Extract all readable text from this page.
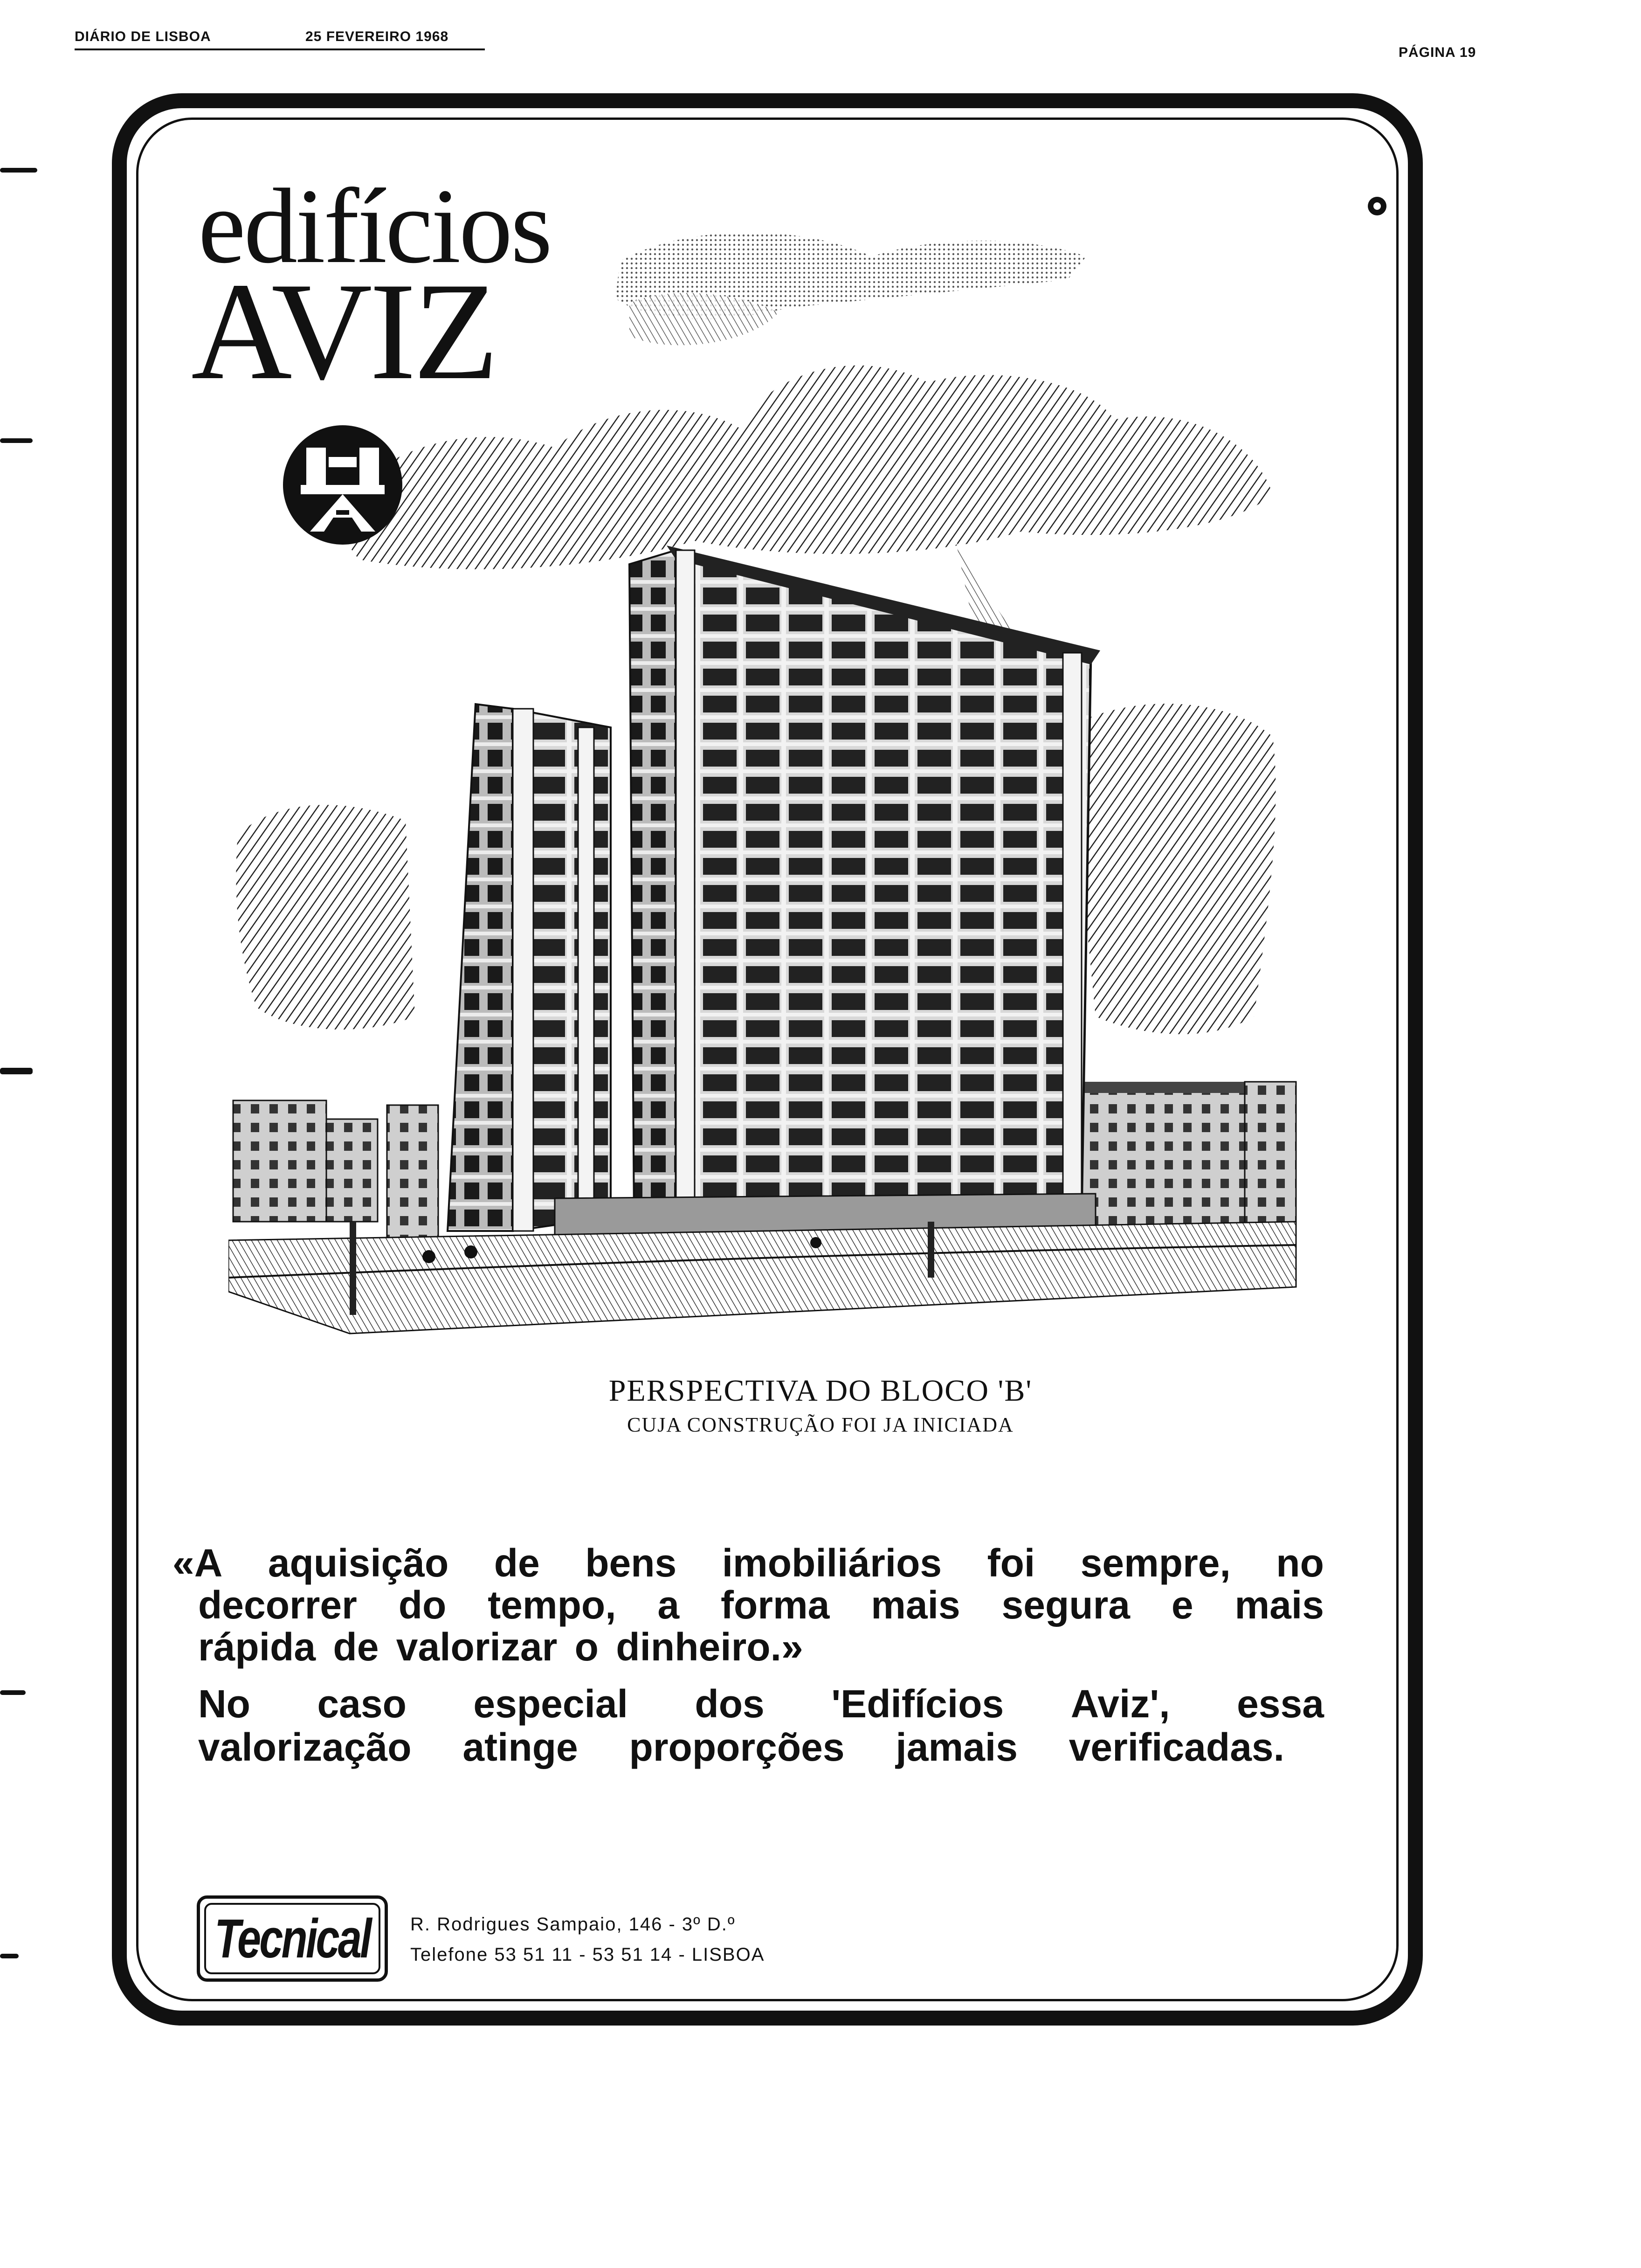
DIÁRIO DE LISBOA	25 FEVEREIRO 1968
PÁGINA 19
edifícios
AVIZ
PERSPECTIVA DO BLOCO 'B'
CUJA CONSTRUÇÃO FOI JA INICIADA
«A aquisição de bens imobiliários foi sempre, no
decorrer do tempo, a forma mais segura e mais
rápida de valorizar o dinheiro.»
No caso especial dos 'Edifícios Aviz', essa
valorização atinge proporções jamais verificadas.
Tecnical R. Rodrigues Sampaio, 146 - 3º D.º
Telefone 53 51 11 - 53 51 14 - LISBOA
